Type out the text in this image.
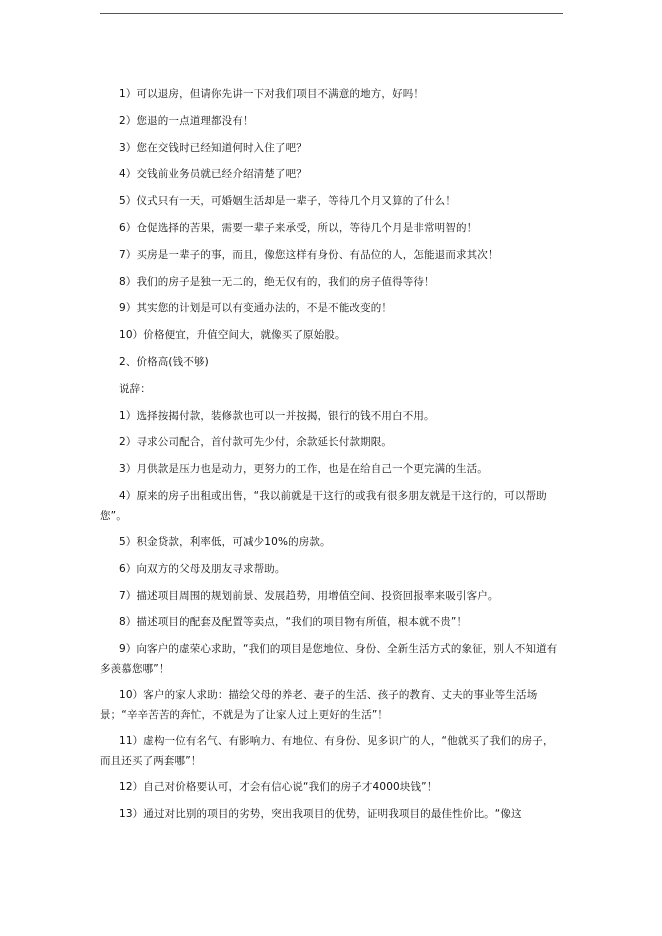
1）可以退房，但请你先讲一下对我们项目不满意的地方，好吗！

2）您退的一点道理都没有！

3）您在交钱时已经知道何时入住了吧？

4）交钱前业务员就已经介绍清楚了吧？

5）仪式只有一天，可婚姻生活却是一辈子，等待几个月又算的了什么！

6）仓促选择的苦果，需要一辈子来承受，所以，等待几个月是非常明智的！

7）买房是一辈子的事，而且，像您这样有身份、有品位的人，怎能退而求其次！

8）我们的房子是独一无二的，绝无仅有的，我们的房子值得等待！

9）其实您的计划是可以有变通办法的，不是不能改变的！

10）价格便宜，升值空间大，就像买了原始股。

2、价格高(钱不够)

说辞：

1）选择按揭付款，装修款也可以一并按揭，银行的钱不用白不用。

2）寻求公司配合，首付款可先少付，余款延长付款期限。

3）月供款是压力也是动力，更努力的工作，也是在给自己一个更完满的生活。

4）原来的房子出租或出售，“我以前就是干这行的或我有很多朋友就是干这行的，可以帮助您”。

5）积金贷款，利率低，可减少10%的房款。

6）向双方的父母及朋友寻求帮助。

7）描述项目周围的规划前景、发展趋势，用增值空间、投资回报率来吸引客户。

8）描述项目的配套及配置等卖点，“我们的项目物有所值，根本就不贵”！

9）向客户的虚荣心求助，“我们的项目是您地位、身份、全新生活方式的象征，别人不知道有多羡慕您哪”！

10）客户的家人求助：描绘父母的养老、妻子的生活、孩子的教育、丈夫的事业等生活场景；“辛辛苦苦的奔忙，不就是为了让家人过上更好的生活”！

11）虚构一位有名气、有影响力、有地位、有身份、见多识广的人，“他就买了我们的房子，而且还买了两套哪”！

12）自己对价格要认可，才会有信心说“我们的房子才4000块钱”！

13）通过对比别的项目的劣势，突出我项目的优势，证明我项目的最佳性价比。“像这
